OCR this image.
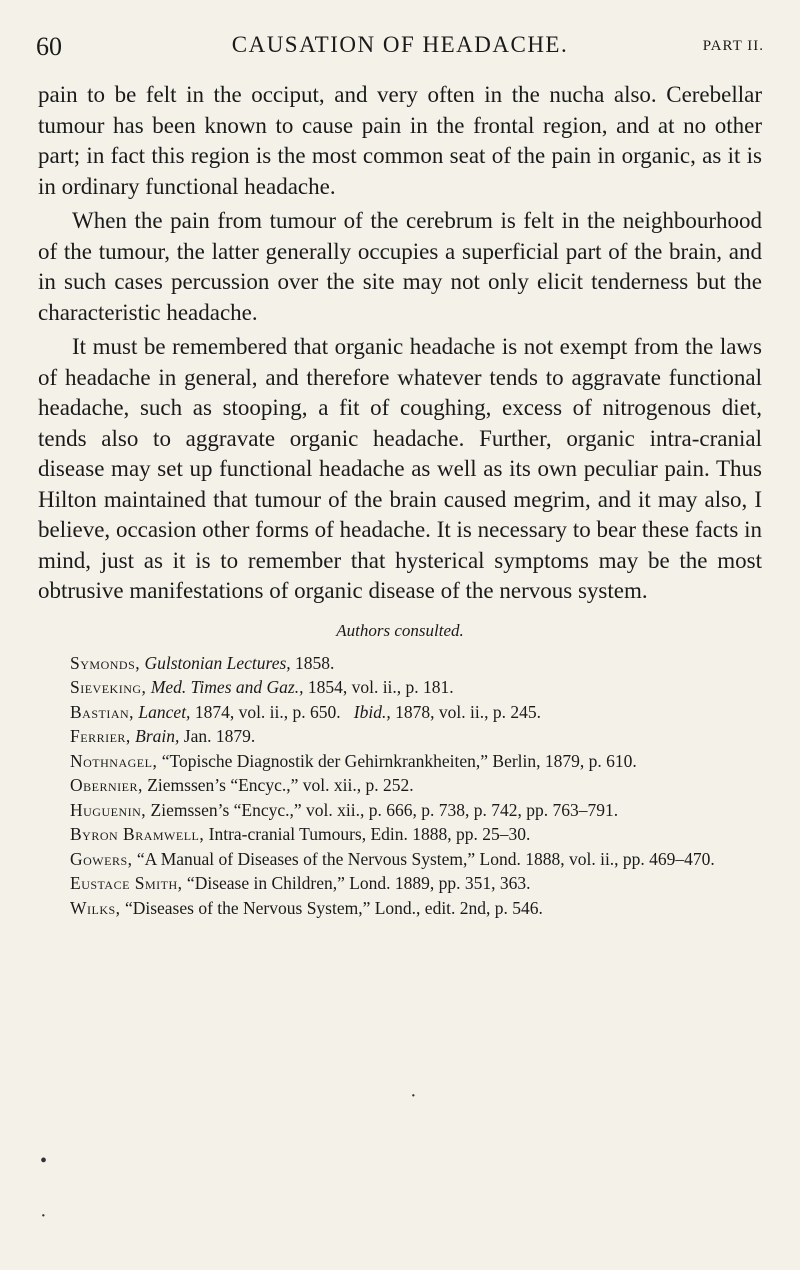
60	CAUSATION OF HEADACHE.	PART II.

pain to be felt in the occiput, and very often in the nucha also. Cerebellar tumour has been known to cause pain in the frontal region, and at no other part; in fact this region is the most common seat of the pain in organic, as it is in ordinary functional headache.

When the pain from tumour of the cerebrum is felt in the neighbourhood of the tumour, the latter generally occupies a superficial part of the brain, and in such cases percussion over the site may not only elicit tenderness but the characteristic headache.

It must be remembered that organic headache is not exempt from the laws of headache in general, and therefore whatever tends to aggravate functional headache, such as stooping, a fit of coughing, excess of nitrogenous diet, tends also to aggravate organic headache. Further, organic intra-cranial disease may set up functional headache as well as its own peculiar pain. Thus Hilton maintained that tumour of the brain caused megrim, and it may also, I believe, occasion other forms of headache. It is necessary to bear these facts in mind, just as it is to remember that hysterical symptoms may be the most obtrusive manifestations of organic disease of the nervous system.

Authors consulted.

Symonds, Gulstonian Lectures, 1858.

Sieveking, Med. Times and Gaz., 1854, vol. ii., p. 181.

Bastian, Lancet, 1874, vol. ii., p. 650. Ibid., 1878, vol. ii., p. 245.

Ferrier, Brain, Jan. 1879.

Nothnagel, “Topische Diagnostik der Gehirnkrankheiten,” Berlin, 1879, p. 610.

Obernier, Ziemssen’s “Encyc.,” vol. xii., p. 252.

Huguenin, Ziemssen’s “Encyc.,” vol. xii., p. 666, p. 738, p. 742, pp. 763–791.

Byron Bramwell, Intra-cranial Tumours, Edin. 1888, pp. 25–30.

Gowers, “A Manual of Diseases of the Nervous System,” Lond. 1888, vol. ii., pp. 469–470.

Eustace Smith, “Disease in Children,” Lond. 1889, pp. 351, 363.

Wilks, “Diseases of the Nervous System,” Lond., edit. 2nd, p. 546.

·
•
·
